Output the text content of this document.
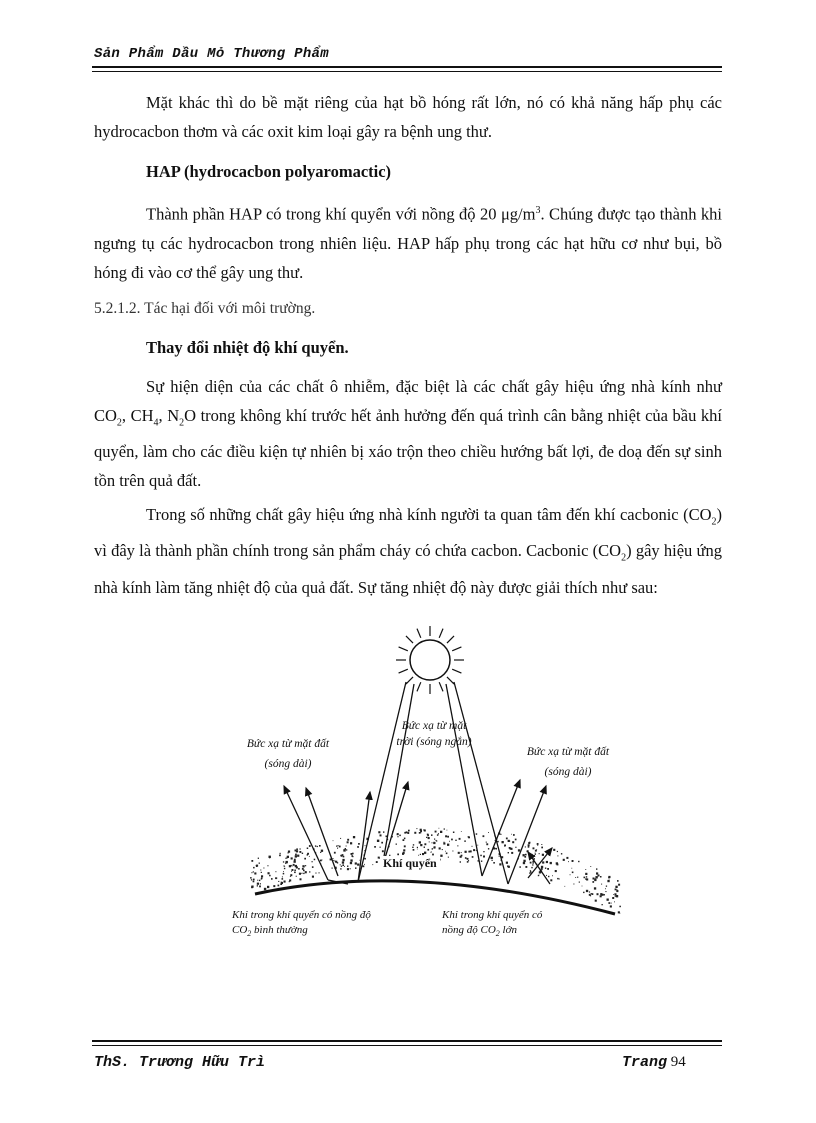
Sản Phẩm Dầu Mỏ Thương Phẩm

Mặt khác thì do bề mặt riêng của hạt bồ hóng rất lớn, nó có khả năng hấp phụ các hydrocacbon thơm và các oxit kim loại gây ra bệnh ung thư.

HAP (hydrocacbon polyaromactic)

Thành phần HAP có trong khí quyển với nồng độ 20 $\mu g/m^3$. Chúng được tạo thành khi ngưng tụ các hydrocacbon trong nhiên liệu. HAP hấp phụ trong các hạt hữu cơ như bụi, bồ hóng đi vào cơ thể gây ung thư.

5.2.1.2. Tác hại đối với môi trường.
Thay đổi nhiệt độ khí quyển.

Sự hiện diện của các chất ô nhiễm, đặc biệt là các chất gây hiệu ứng nhà kính như $CO_2$, $CH_4$, $N_2O$ trong không khí trước hết ảnh hưởng đến quá trình cân bằng nhiệt của bầu khí quyển, làm cho các điều kiện tự nhiên bị xáo trộn theo chiều hướng bất lợi, đe doạ đến sự sinh tồn trên quả đất.

Trong số những chất gây hiệu ứng nhà kính người ta quan tâm đến khí cacbonic $(CO_2)$ vì đây là thành phần chính trong sản phẩm cháy có chứa cacbon. Cacbonic $(CO_2)$ gây hiệu ứng nhà kính làm tăng nhiệt độ của quả đất. Sự tăng nhiệt độ này được giải thích như sau:

Bức xạ từ mặt
trời (sóng ngắn)
Bức xạ từ mặt đất
(sóng dài)
Bức xạ từ mặt đất
(sóng dài)
Khí quyển
Khi trong khí quyển có nồng độ
$CO_2$ bình thường
Khi trong khí quyển có
nồng độ $CO_2$ lớn
ThS. Trương Hữu Trì	Trang 94
